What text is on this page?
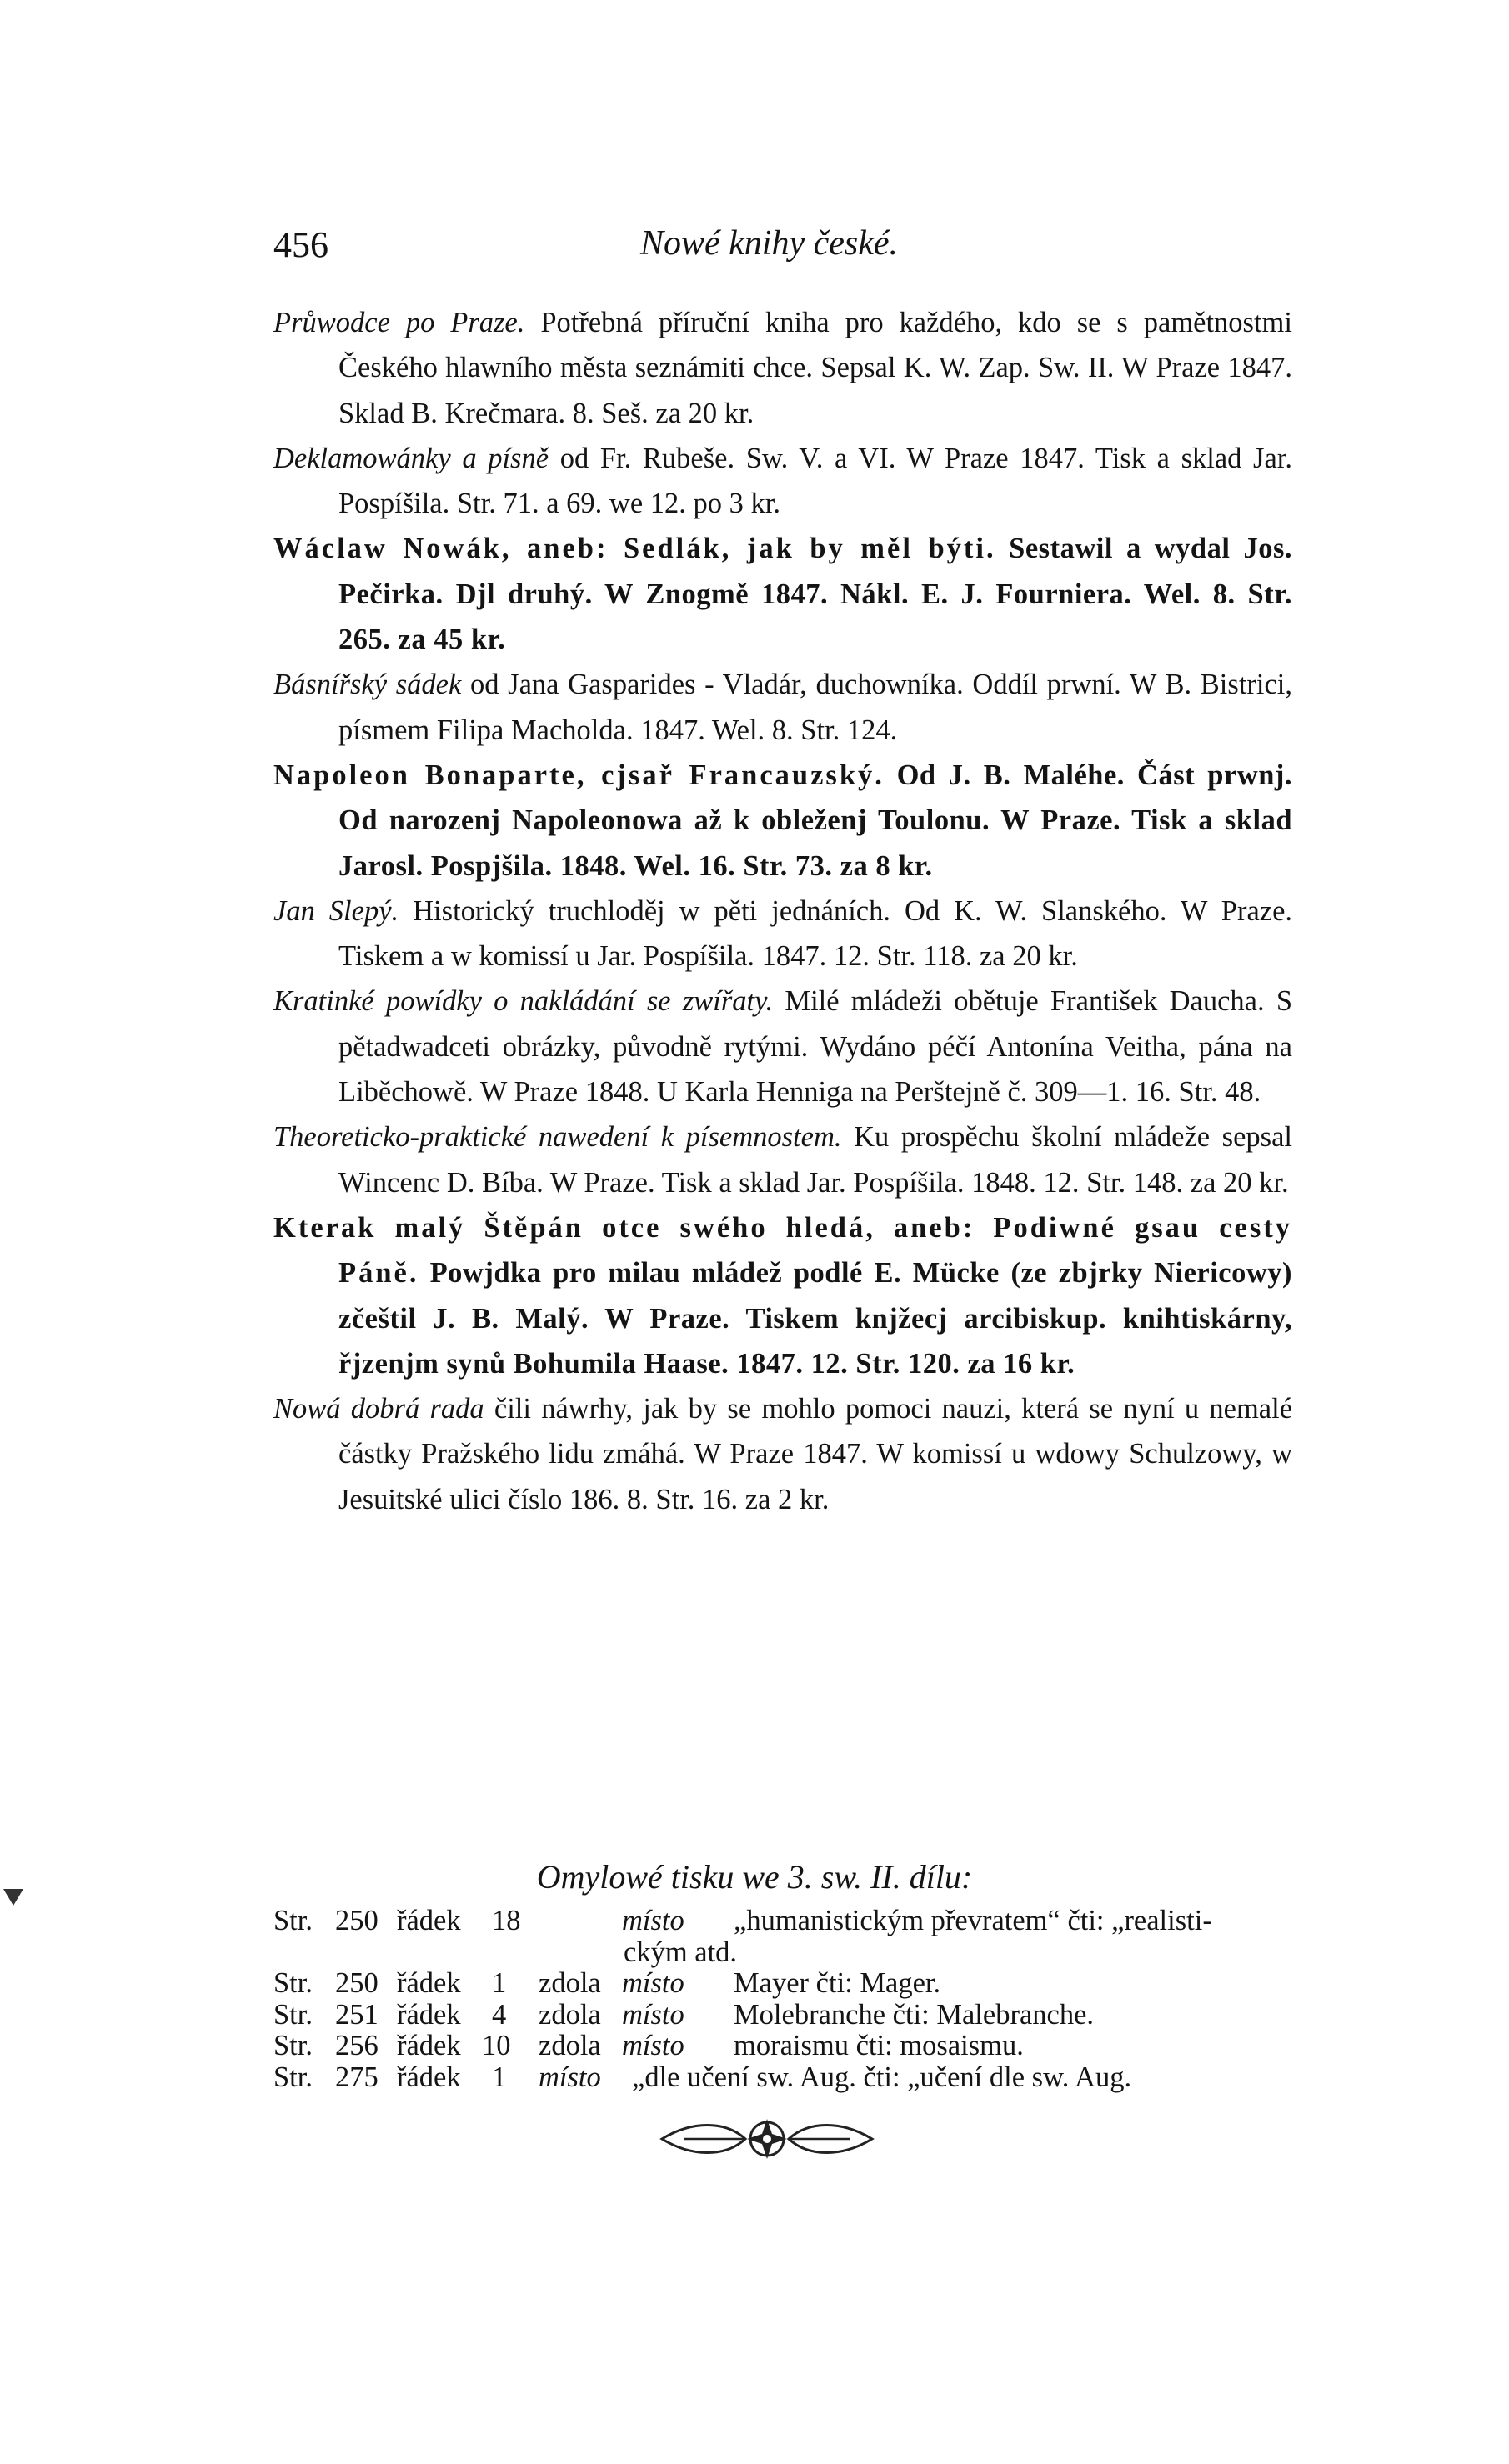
456	Nowé knihy české.

Průwodce po Praze. Potřebná příruční kniha pro každého, kdo se s pamětnostmi Českého hlawního města seznámiti chce. Sepsal K. W. Zap. Sw. II. W Praze 1847. Sklad B. Krečmara. 8. Seš. za 20 kr.

Deklamowánky a písně od Fr. Rubeše. Sw. V. a VI. W Praze 1847. Tisk a sklad Jar. Pospíšila. Str. 71. a 69. we 12. po 3 kr.

Wáclaw Nowák, aneb: Sedlák, jak by měl býti. Sestawil a wydal Jos. Pečirka. Djl druhý. W Znogmě 1847. Nákl. E. J. Fourniera. Wel. 8. Str. 265. za 45 kr.

Básnířský sádek od Jana Gasparides - Vladár, duchowníka. Oddíl prwní. W B. Bistrici, písmem Filipa Macholda. 1847. Wel. 8. Str. 124.

Napoleon Bonaparte, cjsař Francauzský. Od J. B. Maléhe. Část prwnj. Od narozenj Napoleonowa až k obleženj Toulonu. W Praze. Tisk a sklad Jarosl. Pospjšila. 1848. Wel. 16. Str. 73. za 8 kr.

Jan Slepý. Historický truchloděj w pěti jednáních. Od K. W. Slanského. W Praze. Tiskem a w komissí u Jar. Pospíšila. 1847. 12. Str. 118. za 20 kr.

Kratinké powídky o nakládání se zwířaty. Milé mládeži obětuje František Daucha. S pětadwadceti obrázky, původně rytými. Wydáno péčí Antonína Veitha, pána na Liběchowě. W Praze 1848. U Karla Henniga na Perštejně č. 309—1. 16. Str. 48.

Theoreticko-praktické nawedení k písemnostem. Ku prospěchu školní mládeže sepsal Wincenc D. Bíba. W Praze. Tisk a sklad Jar. Pospíšila. 1848. 12. Str. 148. za 20 kr.

Kterak malý Štěpán otce swého hledá, aneb: Podiwné gsau cesty Páně. Powjdka pro milau mládež podlé E. Mücke (ze zbjrky Niericowy) zčeštil J. B. Malý. W Praze. Tiskem knjžecj arcibiskup. knihtiskárny, řjzenjm synů Bohumila Haase. 1847. 12. Str. 120. za 16 kr.

Nowá dobrá rada čili náwrhy, jak by se mohlo pomoci nauzi, která se nyní u nemalé částky Pražského lidu zmáhá. W Praze 1847. W komissí u wdowy Schulzowy, w Jesuitské ulici číslo 186. 8. Str. 16. za 2 kr.

Omylowé tisku we 3. sw. II. dílu:
Str. 250 řádek 18	místo „humanistickým převratem“ čti: „realisti-
ckým atd.
Str. 250 řádek 1 zdola místo Mayer čti: Mager.
Str. 251 řádek 4 zdola místo Molebranche čti: Malebranche.
Str. 256 řádek 10 zdola místo moraismu čti: mosaismu.
Str. 275 řádek 1 místo „dle učení sw. Aug. čti: „učení dle sw. Aug.
